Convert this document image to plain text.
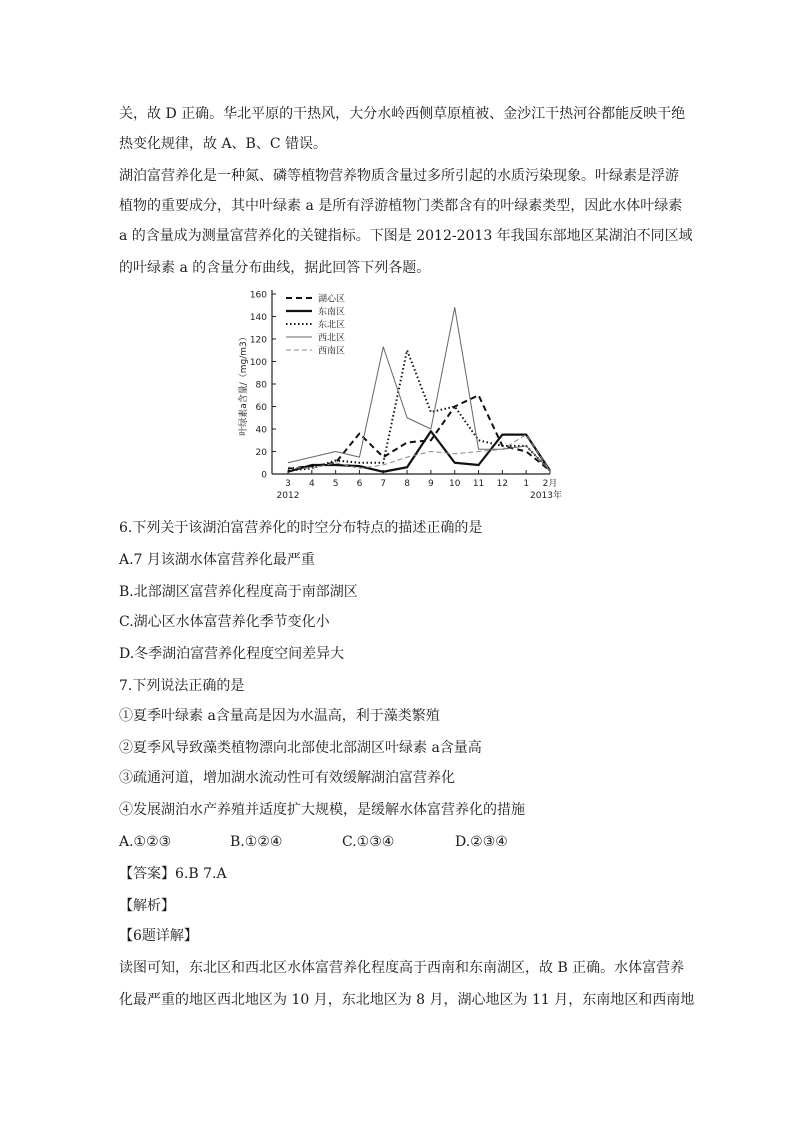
关，故 D 正确。华北平原的干热风，大分水岭西侧草原植被、金沙江干热河谷都能反映干绝
热变化规律，故 A、B、C 错误。
湖泊富营养化是一种氮、磷等植物营养物质含量过多所引起的水质污染现象。叶绿素是浮游
植物的重要成分，其中叶绿素 a 是所有浮游植物门类都含有的叶绿素类型，因此水体叶绿素
a 的含量成为测量富营养化的关键指标。下图是 2012-2013 年我国东部地区某湖泊不同区域
的叶绿素 a 的含量分布曲线，据此回答下列各题。
0
20
40
60
80
100
120
140
160
3 4 5 6 7 8 9 10 11 12 1 2月
2012	2013年
叶绿素a含量/（mg/m3）
湖心区
东南区
东北区
西北区
西南区
6.下列关于该湖泊富营养化的时空分布特点的描述正确的是
A.7 月该湖水体富营养化最严重
B.北部湖区富营养化程度高于南部湖区
C.湖心区水体富营养化季节变化小
D.冬季湖泊富营养化程度空间差异大
7.下列说法正确的是
①夏季叶绿素 a含量高是因为水温高，利于藻类繁殖
②夏季风导致藻类植物漂向北部使北部湖区叶绿素 a含量高
③疏通河道，增加湖水流动性可有效缓解湖泊富营养化
④发展湖泊水产养殖并适度扩大规模，是缓解水体富营养化的措施
A.①②③	B.①②④	C.①③④	D.②③④
【答案】6.B 7.A
【解析】
【6题详解】
读图可知，东北区和西北区水体富营养化程度高于西南和东南湖区，故 B 正确。水体富营养
化最严重的地区西北地区为 10 月，东北地区为 8 月，湖心地区为 11 月，东南地区和西南地
